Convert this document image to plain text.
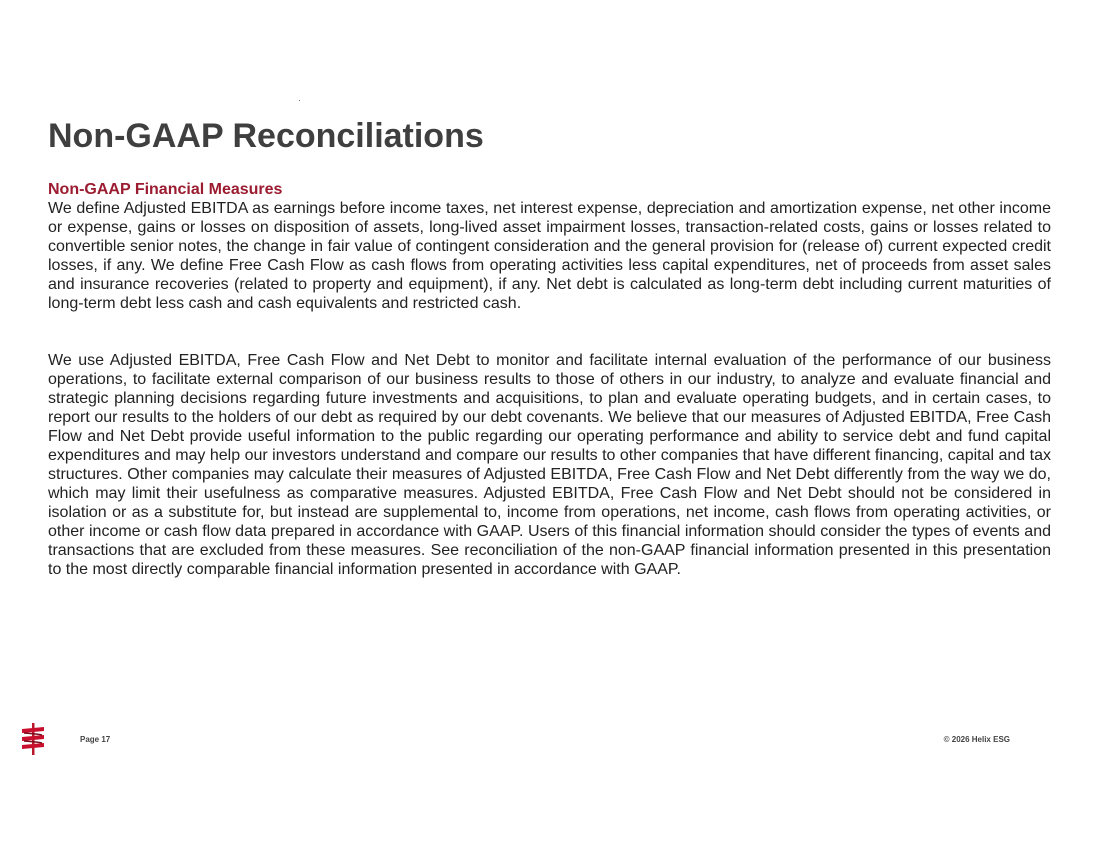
Non-GAAP Reconciliations
Non-GAAP Financial Measures

We define Adjusted EBITDA as earnings before income taxes, net interest expense, depreciation and amortization expense, net other income or expense, gains or losses on disposition of assets, long-lived asset impairment losses, transaction-related costs, gains or losses related to convertible senior notes, the change in fair value of contingent consideration and the general provision for (release of) current expected credit losses, if any. We define Free Cash Flow as cash flows from operating activities less capital expenditures, net of proceeds from asset sales and insurance recoveries (related to property and equipment), if any. Net debt is calculated as long-term debt including current maturities of long-term debt less cash and cash equivalents and restricted cash.

We use Adjusted EBITDA, Free Cash Flow and Net Debt to monitor and facilitate internal evaluation of the performance of our business operations, to facilitate external comparison of our business results to those of others in our industry, to analyze and evaluate financial and strategic planning decisions regarding future investments and acquisitions, to plan and evaluate operating budgets, and in certain cases, to report our results to the holders of our debt as required by our debt covenants. We believe that our measures of Adjusted EBITDA, Free Cash Flow and Net Debt provide useful information to the public regarding our operating performance and ability to service debt and fund capital expenditures and may help our investors understand and compare our results to other companies that have different financing, capital and tax structures. Other companies may calculate their measures of Adjusted EBITDA, Free Cash Flow and Net Debt differently from the way we do, which may limit their usefulness as comparative measures. Adjusted EBITDA, Free Cash Flow and Net Debt should not be considered in isolation or as a substitute for, but instead are supplemental to, income from operations, net income, cash flows from operating activities, or other income or cash flow data prepared in accordance with GAAP. Users of this financial information should consider the types of events and transactions that are excluded from these measures. See reconciliation of the non-GAAP financial information presented in this presentation to the most directly comparable financial information presented in accordance with GAAP.

Page 17	© 2026 Helix ESG
